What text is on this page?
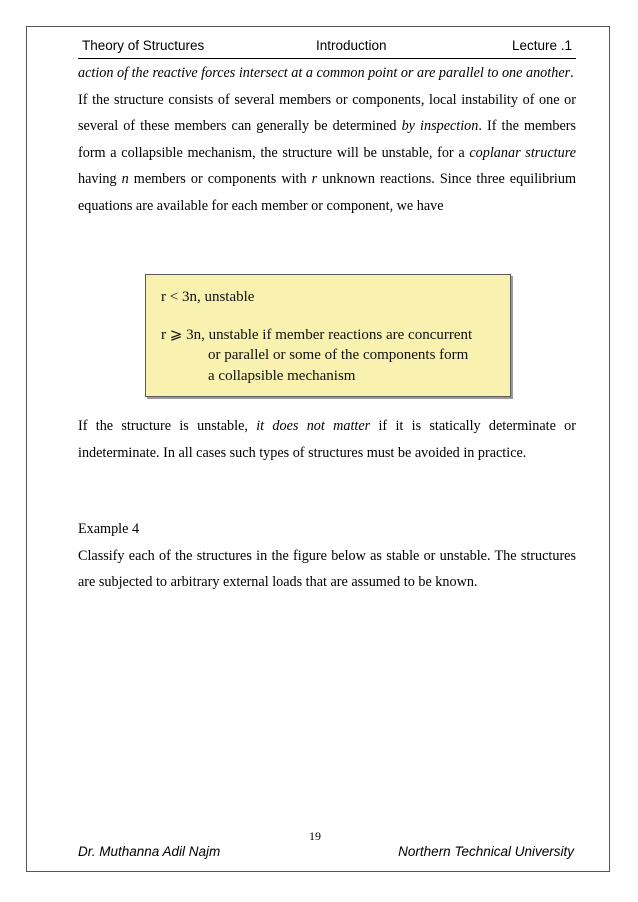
Theory of Structures	Introduction	Lecture .1

action of the reactive forces intersect at a common point or are parallel to one another.

If the structure consists of several members or components, local instability of one or several of these members can generally be determined by inspection. If the members form a collapsible mechanism, the structure will be unstable, for a coplanar structure having n members or components with r unknown reactions. Since three equilibrium equations are available for each member or component, we have

r < 3n, unstable
r ⩾ 3n, unstable if member reactions are concurrent
or parallel or some of the components form
a collapsible mechanism

If the structure is unstable, it does not matter if it is statically determinate or indeterminate. In all cases such types of structures must be avoided in practice.

Example 4

Classify each of the structures in the figure below as stable or unstable. The structures are subjected to arbitrary external loads that are assumed to be known.

19
Dr. Muthanna Adil Najm	Northern Technical University
